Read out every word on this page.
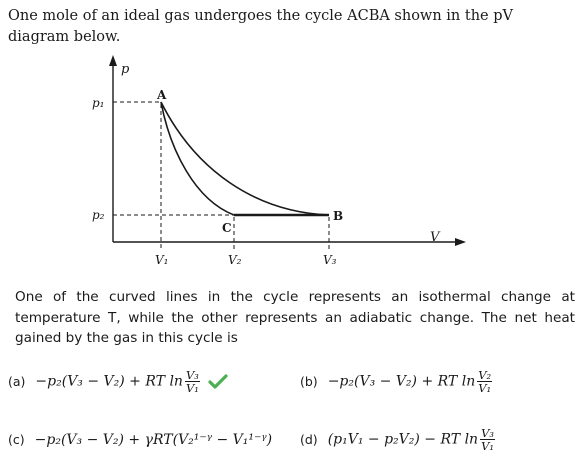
One mole of an ideal gas undergoes the cycle ACBA shown in the pV diagram below.
p
V
A
B
C
p₁
p₂
V₁	V₂	V₃
One of the curved lines in the cycle represents an isothermal change at temperature T, while the other represents an adiabatic change. The net heat gained by the gas in this cycle is
(a) −p₂(V₃ − V₂) + RT $\ln \frac{\text{V₃}}{\text{V₁}}$	(b) −p₂(V₃ − V₂) + RT $\ln \frac{\text{V₂}}{\text{V₁}}$
(c) −p₂(V₃ − V₂) + γRT(V₂¹⁻ᵞ − V₁¹⁻ᵞ) (d) (p₁V₁ − p₂V₂) − RT $\ln \frac{\text{V₃}}{\text{V₁}}$
